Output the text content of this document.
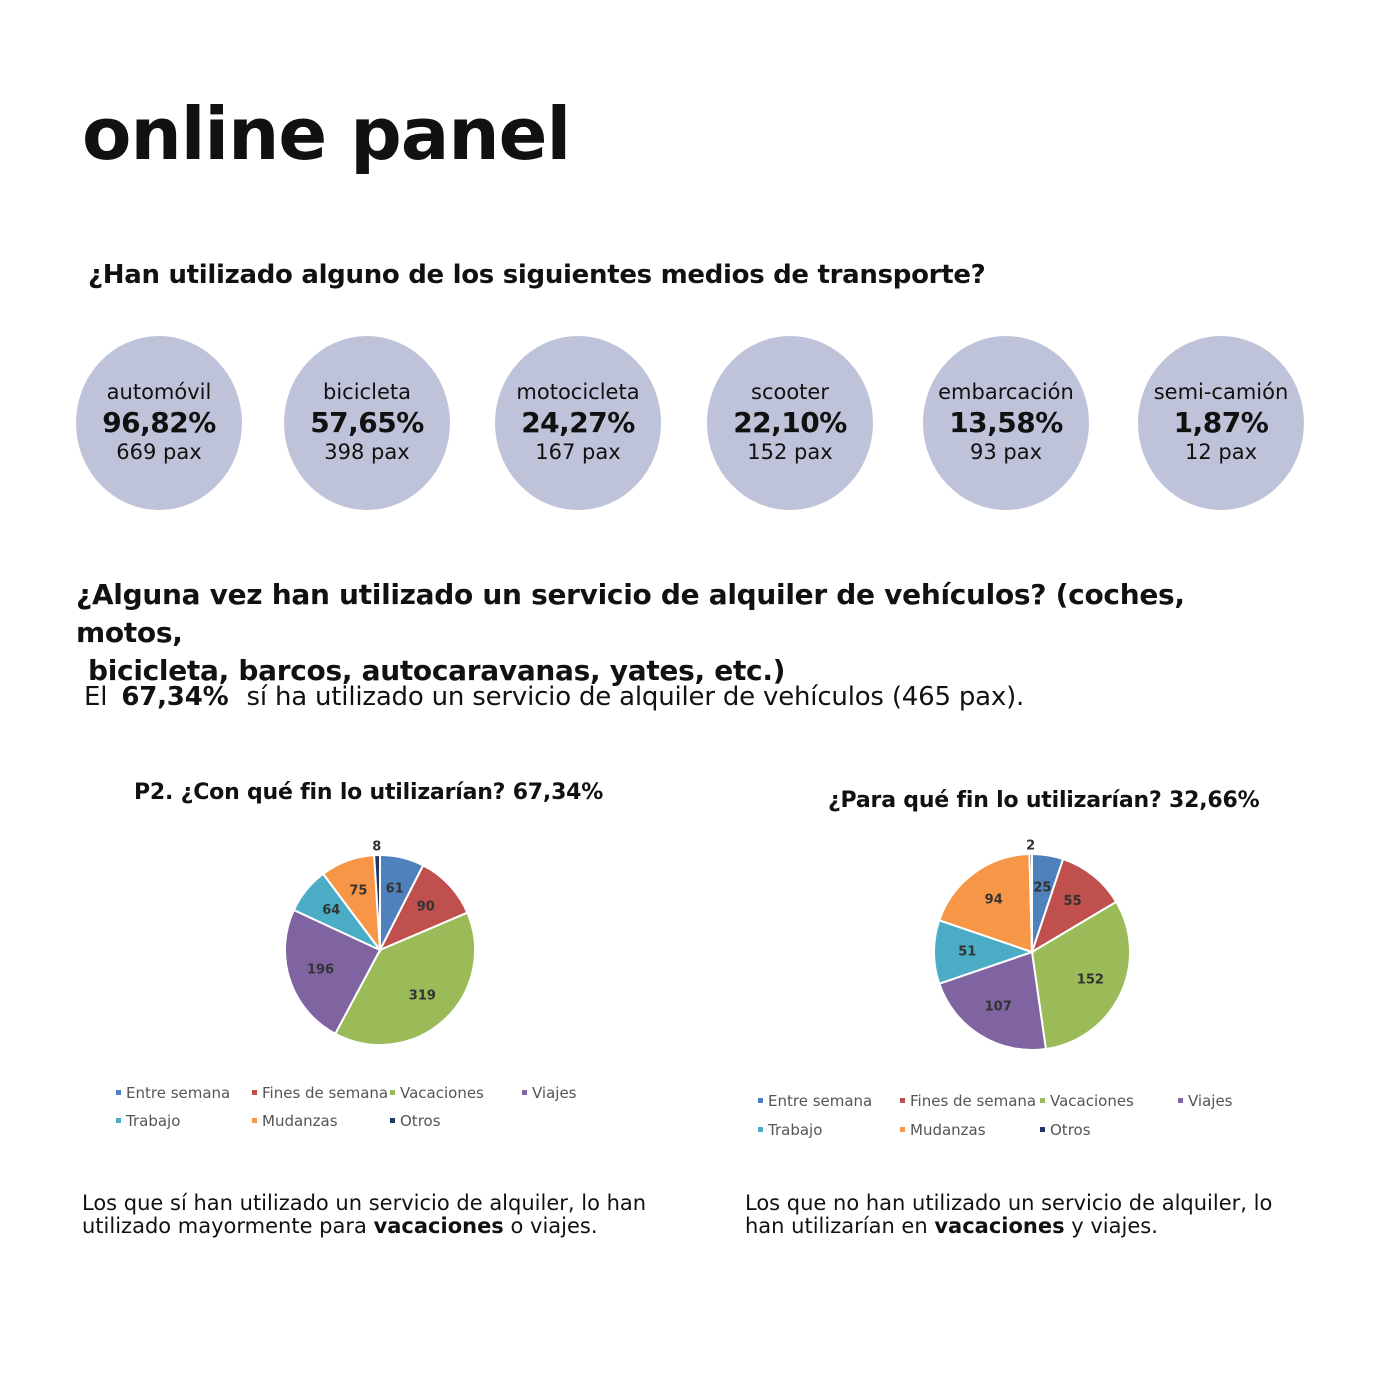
online panel
¿Han utilizado alguno de los siguientes medios de transporte?
automóvil
96,82%
669 pax
bicicleta
57,65%
398 pax
motocicleta
24,27%
167 pax
scooter
22,10%
152 pax
embarcación
13,58%
93 pax
semi-camión
1,87%
12 pax
¿Alguna vez han utilizado un servicio de alquiler de vehículos? (coches, motos,
bicicleta, barcos, autocaravanas, yates, etc.)
El 67,34% sí ha utilizado un servicio de alquiler de vehículos (465 pax).
P2. ¿Con qué fin lo utilizarían? 67,34%
61
90
319
196
64
75
8
Entre semana	Fines de semana Vacaciones	Viajes
Trabajo	Mudanzas	Otros
Los que sí han utilizado un servicio de alquiler, lo han utilizado mayormente para vacaciones o viajes.
¿Para qué fin lo utilizarían? 32,66%
25
55
152
107
51
94
2
Entre semana	Fines de semana Vacaciones	Viajes
Trabajo	Mudanzas	Otros
Los que no han utilizado un servicio de alquiler, lo han utilizarían en vacaciones y viajes.
